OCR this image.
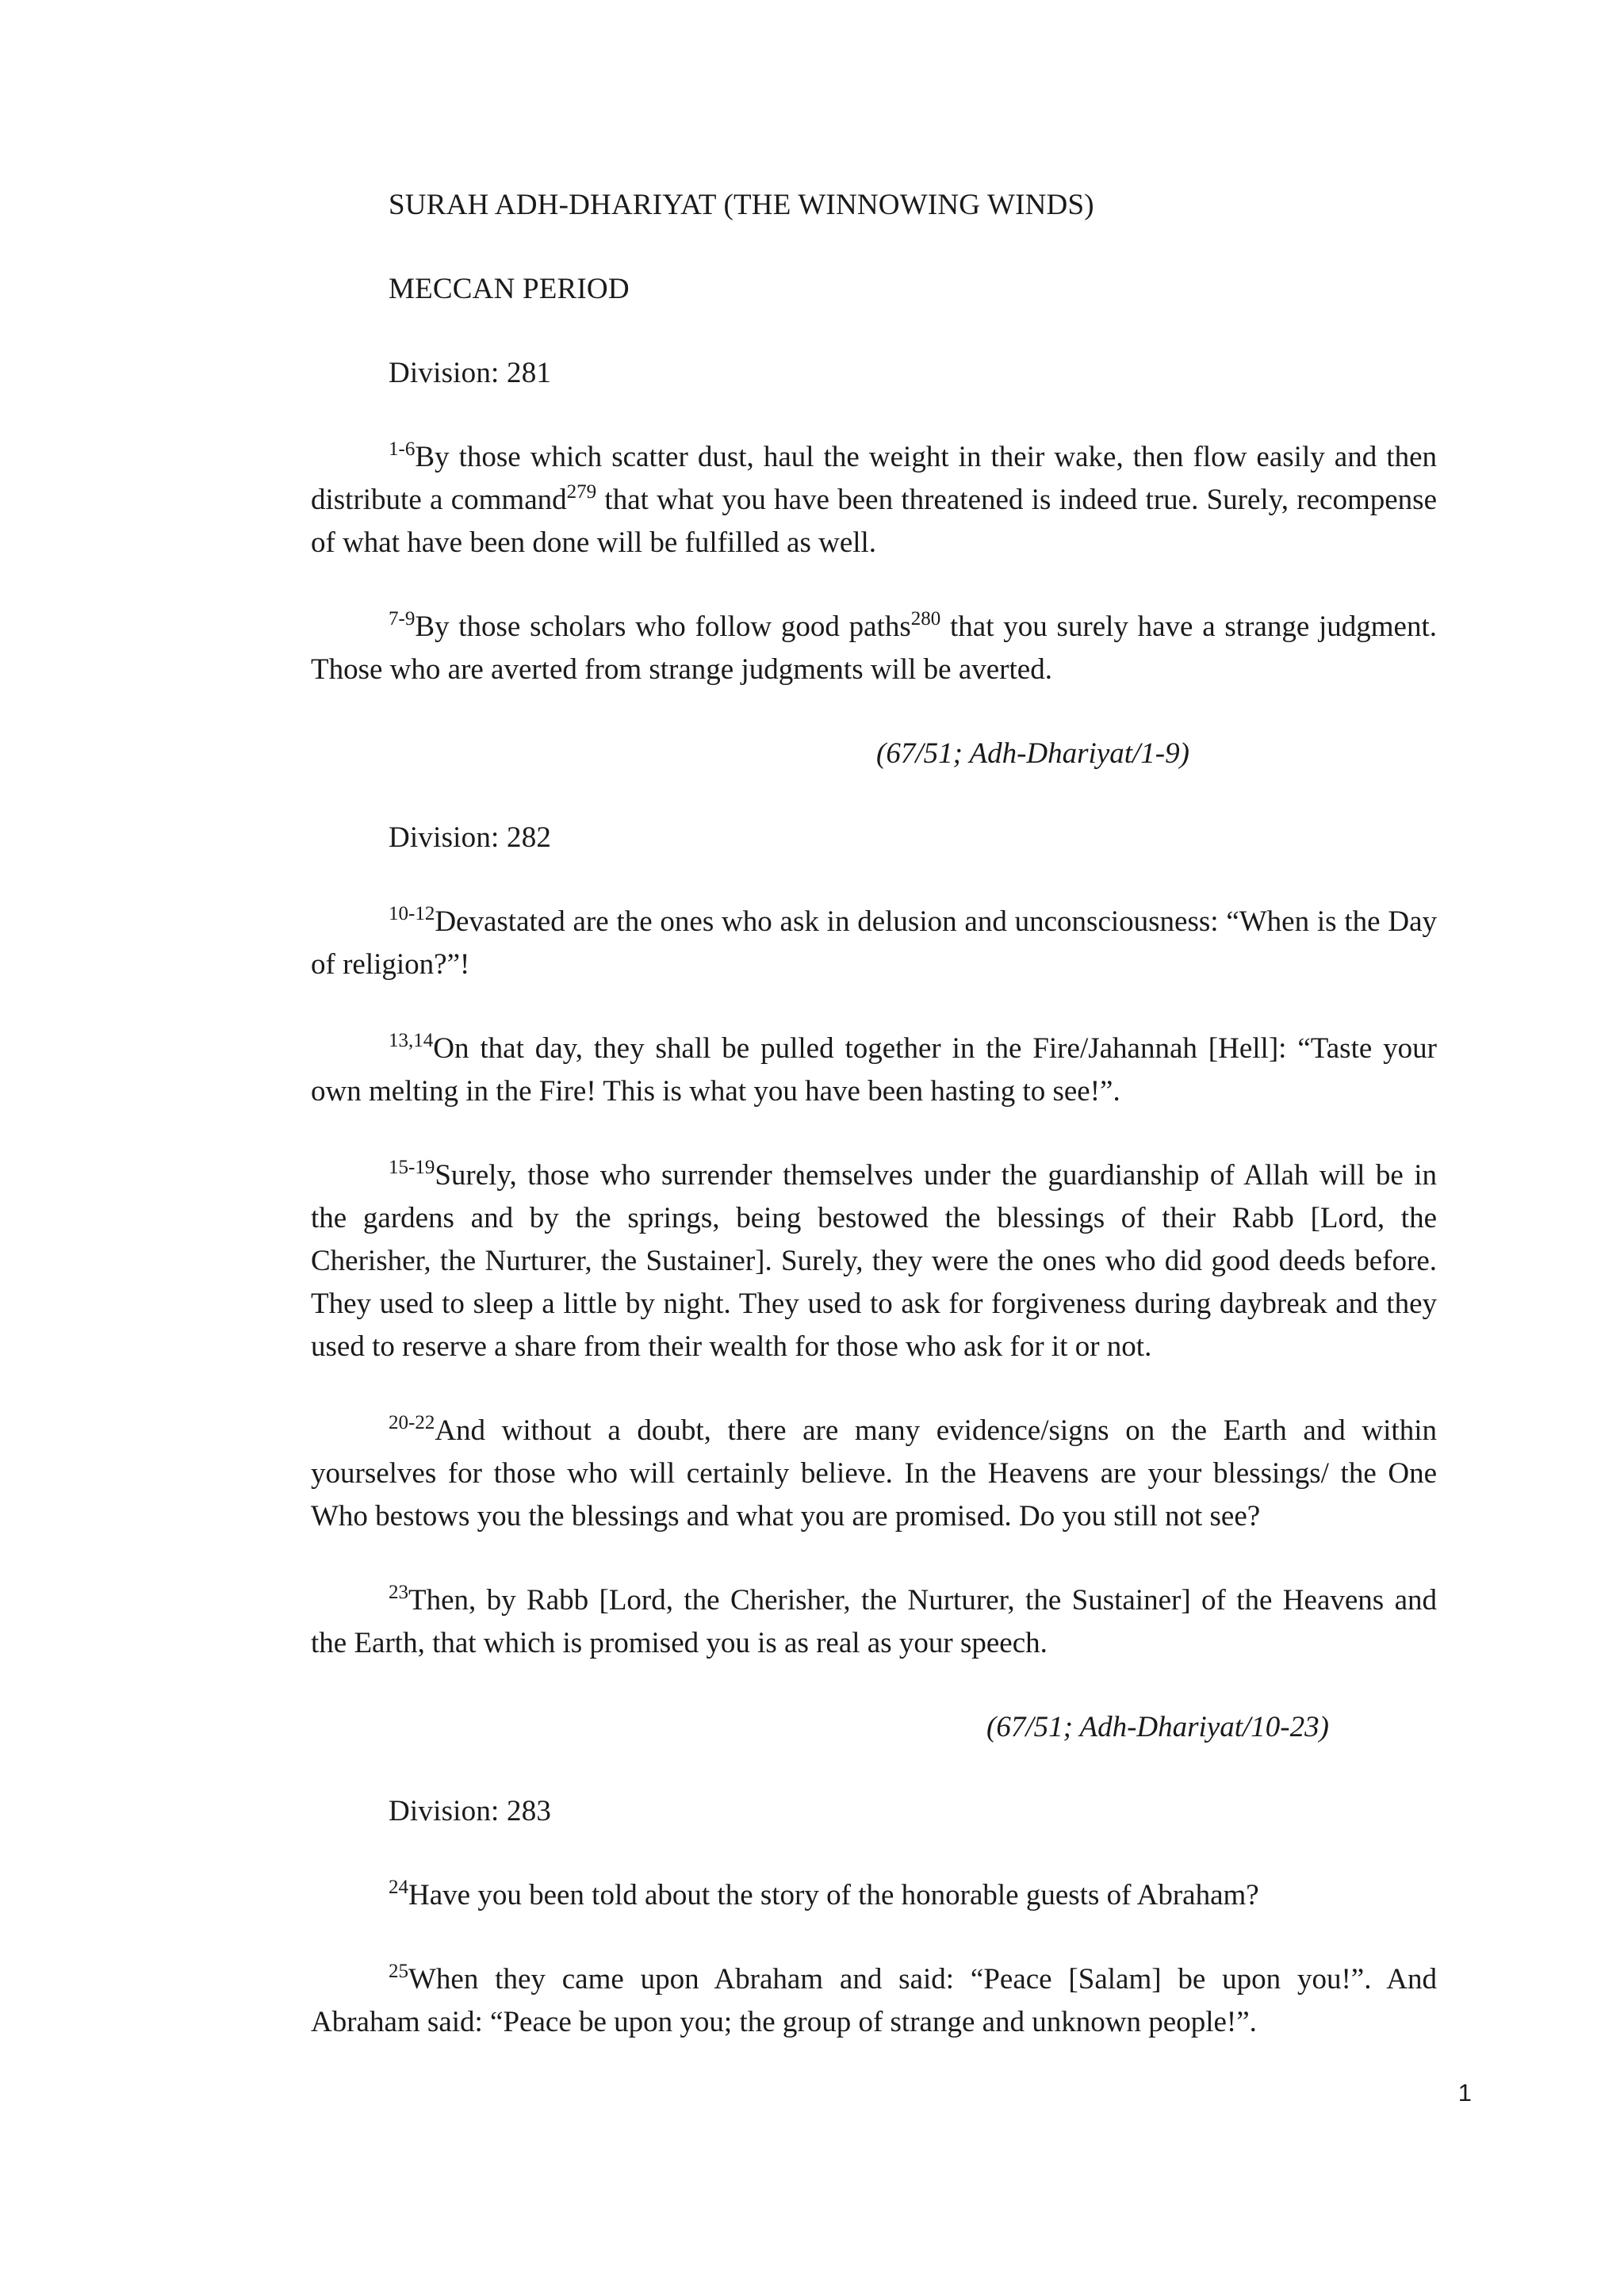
SURAH ADH-DHARIYAT (THE WINNOWING WINDS)
MECCAN PERIOD
Division: 281

$^{1-6}$By those which scatter dust, haul the weight in their wake, then flow easily and then distribute a command$^{279}$ that what you have been threatened is indeed true. Surely, recompense of what have been done will be fulfilled as well.

$^{7-9}$By those scholars who follow good paths$^{280}$ that you surely have a strange judgment. Those who are averted from strange judgments will be averted.

(67/51; Adh-Dhariyat/1-9)
Division: 282

$^{10-12}$Devastated are the ones who ask in delusion and unconsciousness: “When is the Day of religion?”!

$^{13,14}$On that day, they shall be pulled together in the Fire/Jahannah [Hell]: “Taste your own melting in the Fire! This is what you have been hasting to see!”.

$^{15-19}$Surely, those who surrender themselves under the guardianship of Allah will be in the gardens and by the springs, being bestowed the blessings of their Rabb [Lord, the Cherisher, the Nurturer, the Sustainer]. Surely, they were the ones who did good deeds before. They used to sleep a little by night. They used to ask for forgiveness during daybreak and they used to reserve a share from their wealth for those who ask for it or not.

$^{20-22}$And without a doubt, there are many evidence/signs on the Earth and within yourselves for those who will certainly believe. In the Heavens are your blessings/ the One Who bestows you the blessings and what you are promised. Do you still not see?

$^{23}$Then, by Rabb [Lord, the Cherisher, the Nurturer, the Sustainer] of the Heavens and the Earth, that which is promised you is as real as your speech.

(67/51; Adh-Dhariyat/10-23)
Division: 283

$^{24}$Have you been told about the story of the honorable guests of Abraham?

$^{25}$When they came upon Abraham and said: “Peace [Salam] be upon you!”. And Abraham said: “Peace be upon you; the group of strange and unknown people!”.

1
